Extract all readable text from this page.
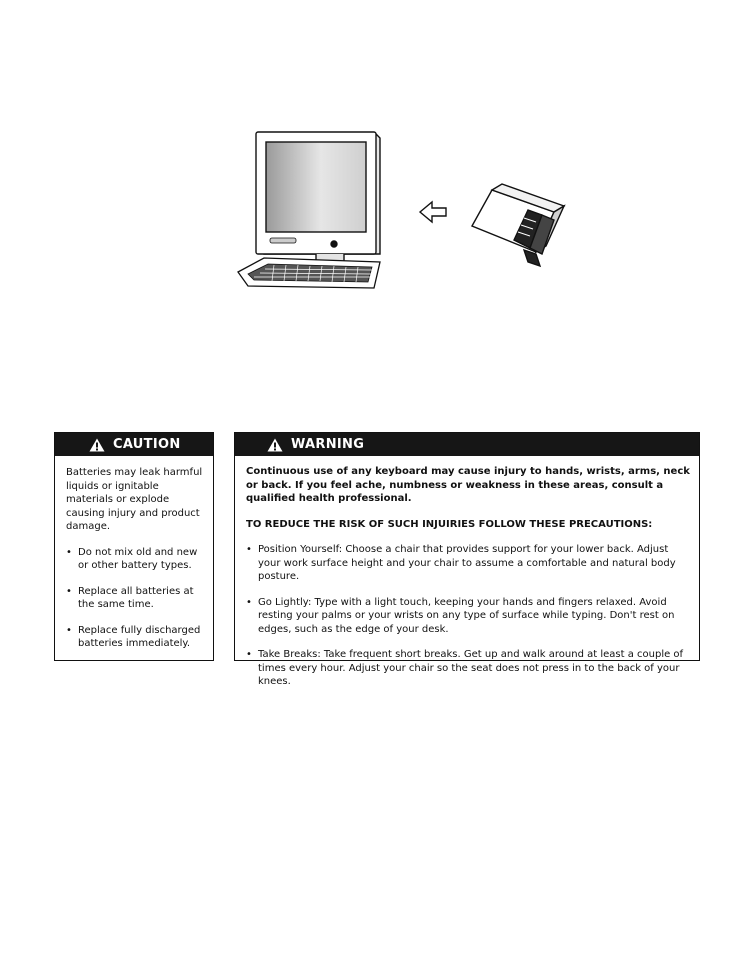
CAUTION

Batteries may leak harmful liquids or ignitable materials or explode causing injury and product damage.

• Do not mix old and new or other battery types.
• Replace all batteries at the same time.
• Replace fully discharged batteries immediately.
WARNING

Continuous use of any keyboard may cause injury to hands, wrists, arms, neck or back. If you feel ache, numbness or weakness in these areas, consult a qualified health professional.

TO REDUCE THE RISK OF SUCH INJUIRIES FOLLOW THESE PRECAUTIONS:

• Position Yourself: Choose a chair that provides support for your lower back. Adjust your work surface height and your chair to assume a comfortable and natural body posture.
• Go Lightly: Type with a light touch, keeping your hands and fingers relaxed. Avoid resting your palms or your wrists on any type of surface while typing. Don't rest on edges, such as the edge of your desk.
• Take Breaks: Take frequent short breaks. Get up and walk around at least a couple of times every hour. Adjust your chair so the seat does not press in to the back of your knees.
